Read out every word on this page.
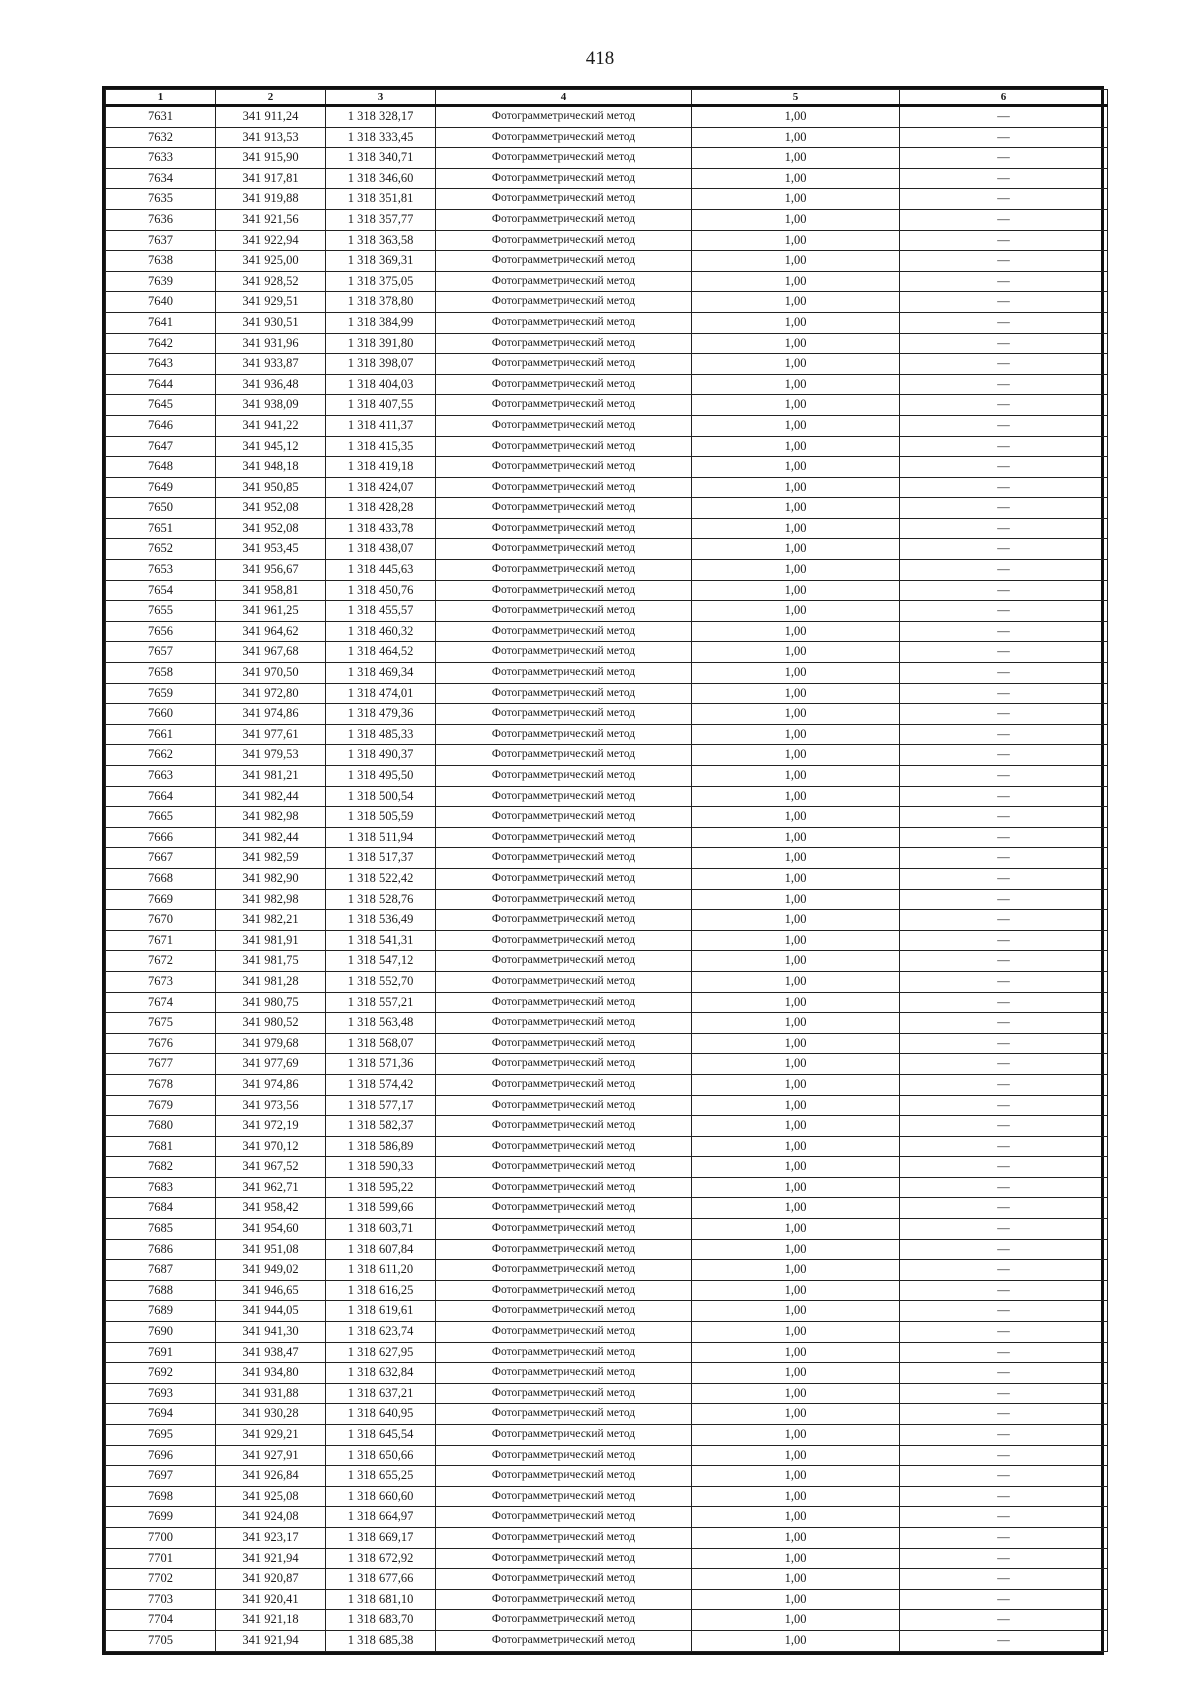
418
1	2	3	4	5	6
7631	341 911,24	1 318 328,17	Фотограмметрический метод	1,00	—
7632	341 913,53	1 318 333,45	Фотограмметрический метод	1,00	—
7633	341 915,90	1 318 340,71	Фотограмметрический метод	1,00	—
7634	341 917,81	1 318 346,60	Фотограмметрический метод	1,00	—
7635	341 919,88	1 318 351,81	Фотограмметрический метод	1,00	—
7636	341 921,56	1 318 357,77	Фотограмметрический метод	1,00	—
7637	341 922,94	1 318 363,58	Фотограмметрический метод	1,00	—
7638	341 925,00	1 318 369,31	Фотограмметрический метод	1,00	—
7639	341 928,52	1 318 375,05	Фотограмметрический метод	1,00	—
7640	341 929,51	1 318 378,80	Фотограмметрический метод	1,00	—
7641	341 930,51	1 318 384,99	Фотограмметрический метод	1,00	—
7642	341 931,96	1 318 391,80	Фотограмметрический метод	1,00	—
7643	341 933,87	1 318 398,07	Фотограмметрический метод	1,00	—
7644	341 936,48	1 318 404,03	Фотограмметрический метод	1,00	—
7645	341 938,09	1 318 407,55	Фотограмметрический метод	1,00	—
7646	341 941,22	1 318 411,37	Фотограмметрический метод	1,00	—
7647	341 945,12	1 318 415,35	Фотограмметрический метод	1,00	—
7648	341 948,18	1 318 419,18	Фотограмметрический метод	1,00	—
7649	341 950,85	1 318 424,07	Фотограмметрический метод	1,00	—
7650	341 952,08	1 318 428,28	Фотограмметрический метод	1,00	—
7651	341 952,08	1 318 433,78	Фотограмметрический метод	1,00	—
7652	341 953,45	1 318 438,07	Фотограмметрический метод	1,00	—
7653	341 956,67	1 318 445,63	Фотограмметрический метод	1,00	—
7654	341 958,81	1 318 450,76	Фотограмметрический метод	1,00	—
7655	341 961,25	1 318 455,57	Фотограмметрический метод	1,00	—
7656	341 964,62	1 318 460,32	Фотограмметрический метод	1,00	—
7657	341 967,68	1 318 464,52	Фотограмметрический метод	1,00	—
7658	341 970,50	1 318 469,34	Фотограмметрический метод	1,00	—
7659	341 972,80	1 318 474,01	Фотограмметрический метод	1,00	—
7660	341 974,86	1 318 479,36	Фотограмметрический метод	1,00	—
7661	341 977,61	1 318 485,33	Фотограмметрический метод	1,00	—
7662	341 979,53	1 318 490,37	Фотограмметрический метод	1,00	—
7663	341 981,21	1 318 495,50	Фотограмметрический метод	1,00	—
7664	341 982,44	1 318 500,54	Фотограмметрический метод	1,00	—
7665	341 982,98	1 318 505,59	Фотограмметрический метод	1,00	—
7666	341 982,44	1 318 511,94	Фотограмметрический метод	1,00	—
7667	341 982,59	1 318 517,37	Фотограмметрический метод	1,00	—
7668	341 982,90	1 318 522,42	Фотограмметрический метод	1,00	—
7669	341 982,98	1 318 528,76	Фотограмметрический метод	1,00	—
7670	341 982,21	1 318 536,49	Фотограмметрический метод	1,00	—
7671	341 981,91	1 318 541,31	Фотограмметрический метод	1,00	—
7672	341 981,75	1 318 547,12	Фотограмметрический метод	1,00	—
7673	341 981,28	1 318 552,70	Фотограмметрический метод	1,00	—
7674	341 980,75	1 318 557,21	Фотограмметрический метод	1,00	—
7675	341 980,52	1 318 563,48	Фотограмметрический метод	1,00	—
7676	341 979,68	1 318 568,07	Фотограмметрический метод	1,00	—
7677	341 977,69	1 318 571,36	Фотограмметрический метод	1,00	—
7678	341 974,86	1 318 574,42	Фотограмметрический метод	1,00	—
7679	341 973,56	1 318 577,17	Фотограмметрический метод	1,00	—
7680	341 972,19	1 318 582,37	Фотограмметрический метод	1,00	—
7681	341 970,12	1 318 586,89	Фотограмметрический метод	1,00	—
7682	341 967,52	1 318 590,33	Фотограмметрический метод	1,00	—
7683	341 962,71	1 318 595,22	Фотограмметрический метод	1,00	—
7684	341 958,42	1 318 599,66	Фотограмметрический метод	1,00	—
7685	341 954,60	1 318 603,71	Фотограмметрический метод	1,00	—
7686	341 951,08	1 318 607,84	Фотограмметрический метод	1,00	—
7687	341 949,02	1 318 611,20	Фотограмметрический метод	1,00	—
7688	341 946,65	1 318 616,25	Фотограмметрический метод	1,00	—
7689	341 944,05	1 318 619,61	Фотограмметрический метод	1,00	—
7690	341 941,30	1 318 623,74	Фотограмметрический метод	1,00	—
7691	341 938,47	1 318 627,95	Фотограмметрический метод	1,00	—
7692	341 934,80	1 318 632,84	Фотограмметрический метод	1,00	—
7693	341 931,88	1 318 637,21	Фотограмметрический метод	1,00	—
7694	341 930,28	1 318 640,95	Фотограмметрический метод	1,00	—
7695	341 929,21	1 318 645,54	Фотограмметрический метод	1,00	—
7696	341 927,91	1 318 650,66	Фотограмметрический метод	1,00	—
7697	341 926,84	1 318 655,25	Фотограмметрический метод	1,00	—
7698	341 925,08	1 318 660,60	Фотограмметрический метод	1,00	—
7699	341 924,08	1 318 664,97	Фотограмметрический метод	1,00	—
7700	341 923,17	1 318 669,17	Фотограмметрический метод	1,00	—
7701	341 921,94	1 318 672,92	Фотограмметрический метод	1,00	—
7702	341 920,87	1 318 677,66	Фотограмметрический метод	1,00	—
7703	341 920,41	1 318 681,10	Фотограмметрический метод	1,00	—
7704	341 921,18	1 318 683,70	Фотограмметрический метод	1,00	—
7705	341 921,94	1 318 685,38	Фотограмметрический метод	1,00	—
